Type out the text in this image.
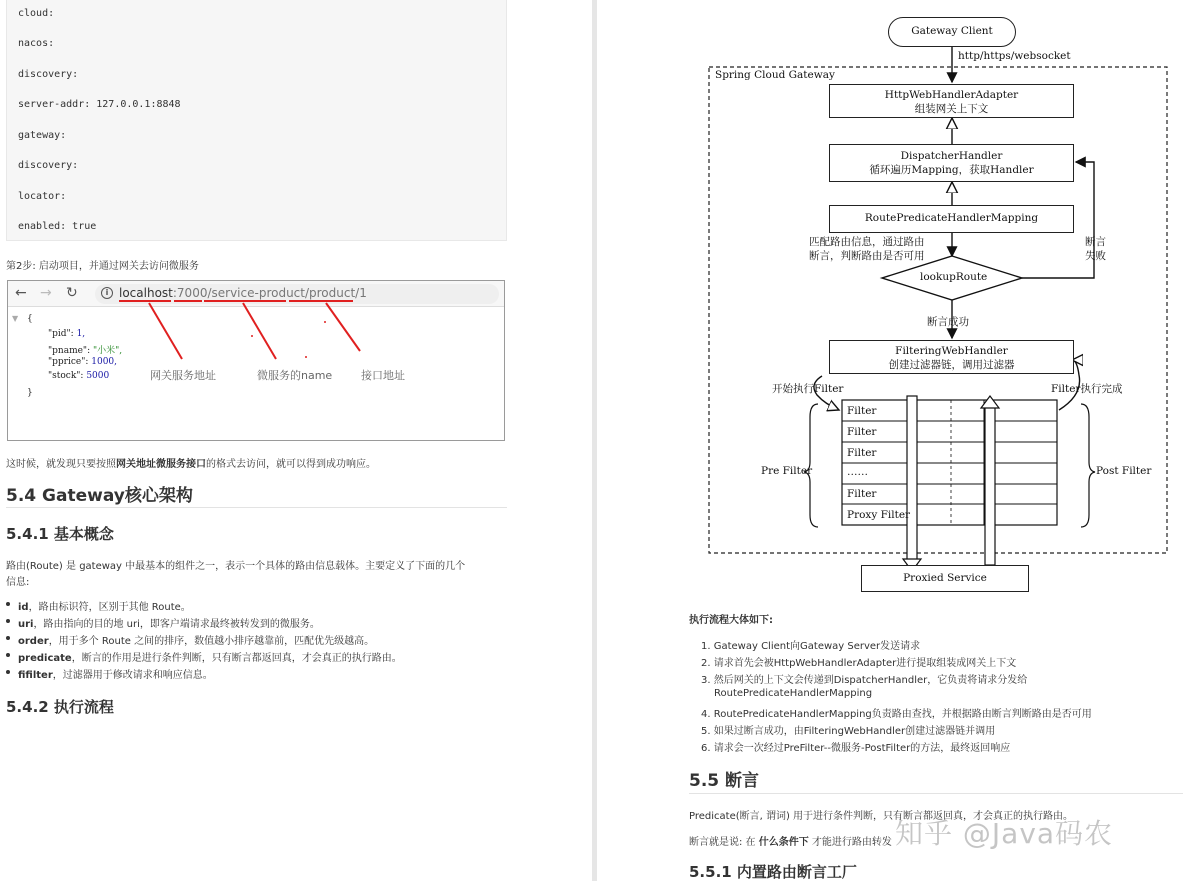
cloud:
nacos:
discovery:
server-addr: 127.0.0.1:8848
gateway:
discovery:
locator:
enabled: true
第2步: 启动项目，并通过网关去访问微服务
← → ↻	i localhost:7000/service-product/product/1
▼ {
"pid": 1,
"pname": "小米",
"pprice": 1000,
"stock": 5000
}
网关服务地址	微服务的name	接口地址
这时候，就发现只要按照网关地址微服务接口的格式去访问，就可以得到成功响应。
5.4 Gateway核心架构
5.4.1 基本概念
路由(Route) 是 gateway 中最基本的组件之一，表示一个具体的路由信息载体。主要定义了下面的几个
信息:
id，路由标识符，区别于其他 Route。
uri，路由指向的目的地 uri，即客户端请求最终被转发到的微服务。
order，用于多个 Route 之间的排序，数值越小排序越靠前，匹配优先级越高。
predicate，断言的作用是进行条件判断，只有断言都返回真，才会真正的执行路由。
fifilter，过滤器用于修改请求和响应信息。
5.4.2 执行流程
Gateway Client
http/https/websocket
Spring Cloud Gateway
HttpWebHandlerAdapter
组装网关上下文
DispatcherHandler
循环遍历Mapping，获取Handler
RoutePredicateHandlerMapping
匹配路由信息，通过路由
断言，判断路由是否可用
lookupRoute
断言
失败
断言成功
FilteringWebHandler
创建过滤器链，调用过滤器
开始执行Filter	Filter执行完成
Pre Filter	Post Filter
Filter
Filter
Filter
……
Filter
Proxy Filter
Proxied Service
执行流程大体如下:
1. Gateway Client向Gateway Server发送请求
2. 请求首先会被HttpWebHandlerAdapter进行提取组装成网关上下文
3. 然后网关的上下文会传递到DispatcherHandler，它负责将请求分发给
RoutePredicateHandlerMapping
4. RoutePredicateHandlerMapping负责路由查找，并根据路由断言判断路由是否可用
5. 如果过断言成功，由FilteringWebHandler创建过滤器链并调用
6. 请求会一次经过PreFilter--微服务-PostFilter的方法，最终返回响应
5.5 断言
Predicate(断言, 谓词) 用于进行条件判断，只有断言都返回真，才会真正的执行路由。
断言就是说: 在 什么条件下 才能进行路由转发
5.5.1 内置路由断言工厂
知乎 @Java码农
